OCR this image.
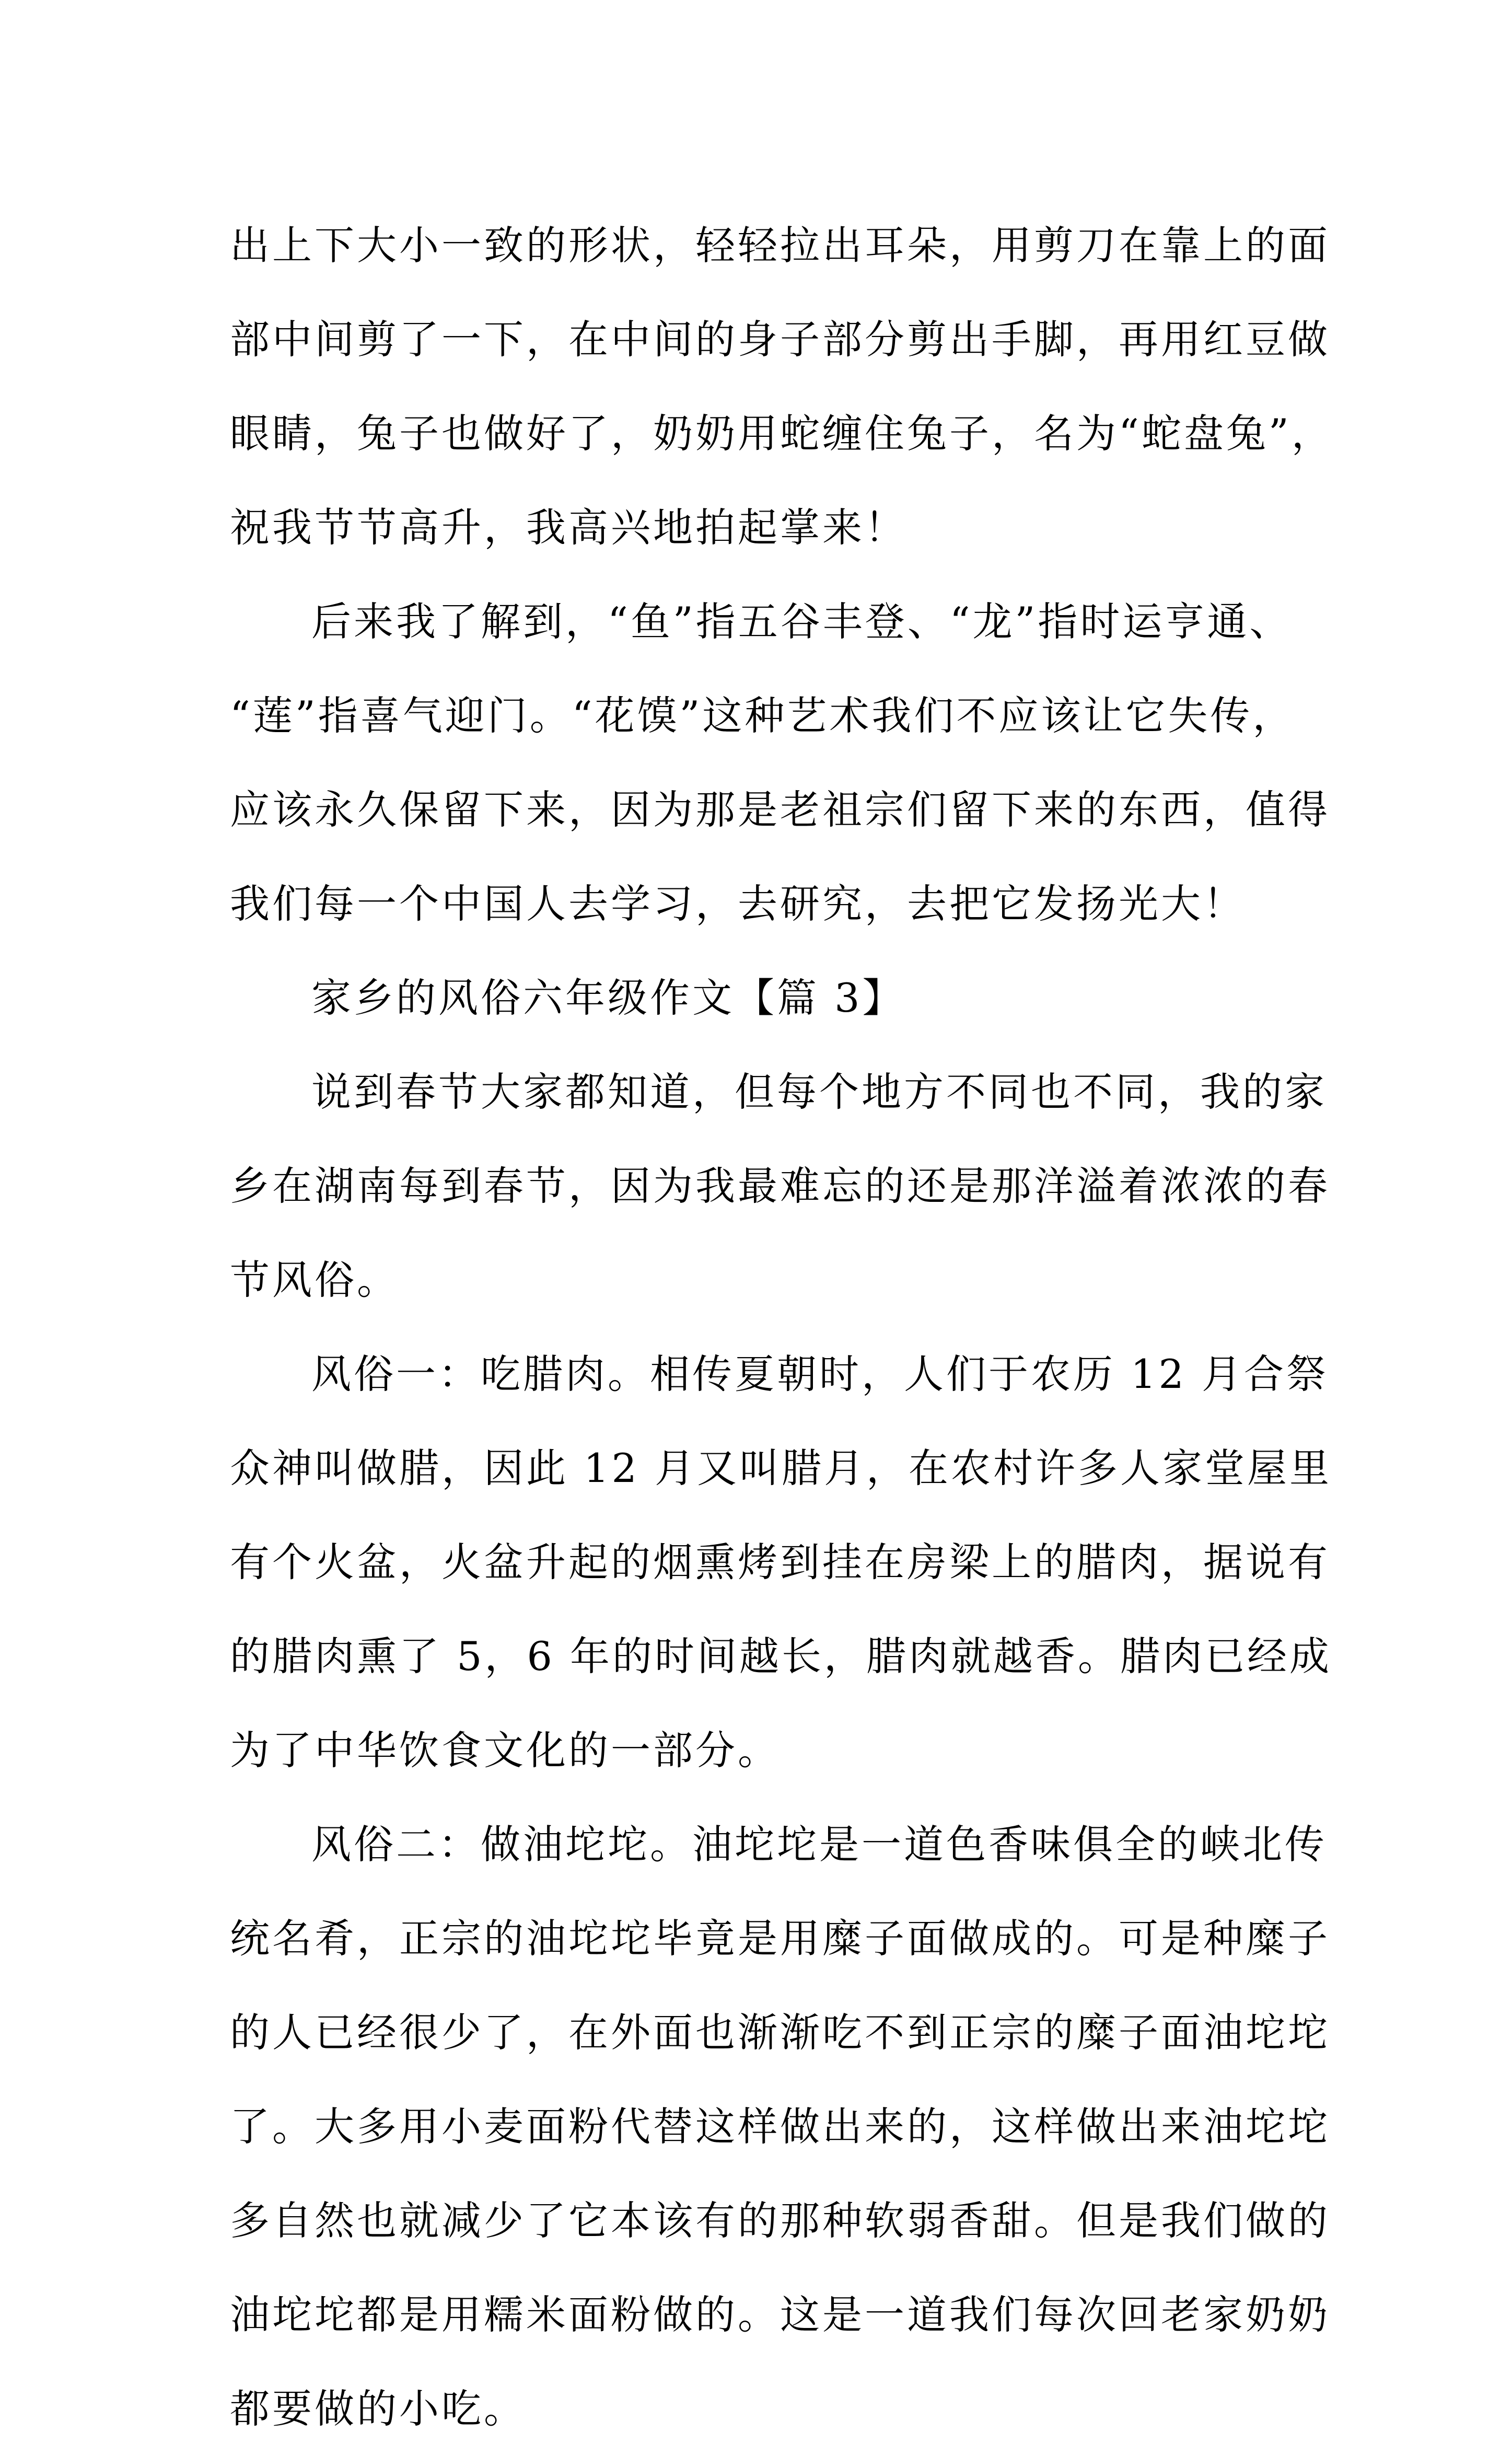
出上下大小一致的形状，轻轻拉出耳朵，用剪刀在靠上的面
部中间剪了一下，在中间的身子部分剪出手脚，再用红豆做
眼睛，兔子也做好了，奶奶用蛇缠住兔子，名为“蛇盘兔”，
祝我节节高升，我高兴地拍起掌来！

后来我了解到，“鱼”指五谷丰登、“龙”指时运亨通、
“莲”指喜气迎门。“花馍”这种艺术我们不应该让它失传，
应该永久保留下来，因为那是老祖宗们留下来的东西，值得
我们每一个中国人去学习，去研究，去把它发扬光大！

家乡的风俗六年级作文【篇 3】

说到春节大家都知道，但每个地方不同也不同，我的家
乡在湖南每到春节，因为我最难忘的还是那洋溢着浓浓的春
节风俗。

风俗一：吃腊肉。相传夏朝时，人们于农历 12 月合祭
众神叫做腊，因此 12 月又叫腊月，在农村许多人家堂屋里
有个火盆，火盆升起的烟熏烤到挂在房梁上的腊肉，据说有
的腊肉熏了 5，6 年的时间越长，腊肉就越香。腊肉已经成
为了中华饮食文化的一部分。

风俗二：做油坨坨。油坨坨是一道色香味俱全的峡北传
统名肴，正宗的油坨坨毕竟是用糜子面做成的。可是种糜子
的人已经很少了，在外面也渐渐吃不到正宗的糜子面油坨坨
了。大多用小麦面粉代替这样做出来的，这样做出来油坨坨
多自然也就减少了它本该有的那种软弱香甜。但是我们做的
油坨坨都是用糯米面粉做的。这是一道我们每次回老家奶奶
都要做的小吃。
